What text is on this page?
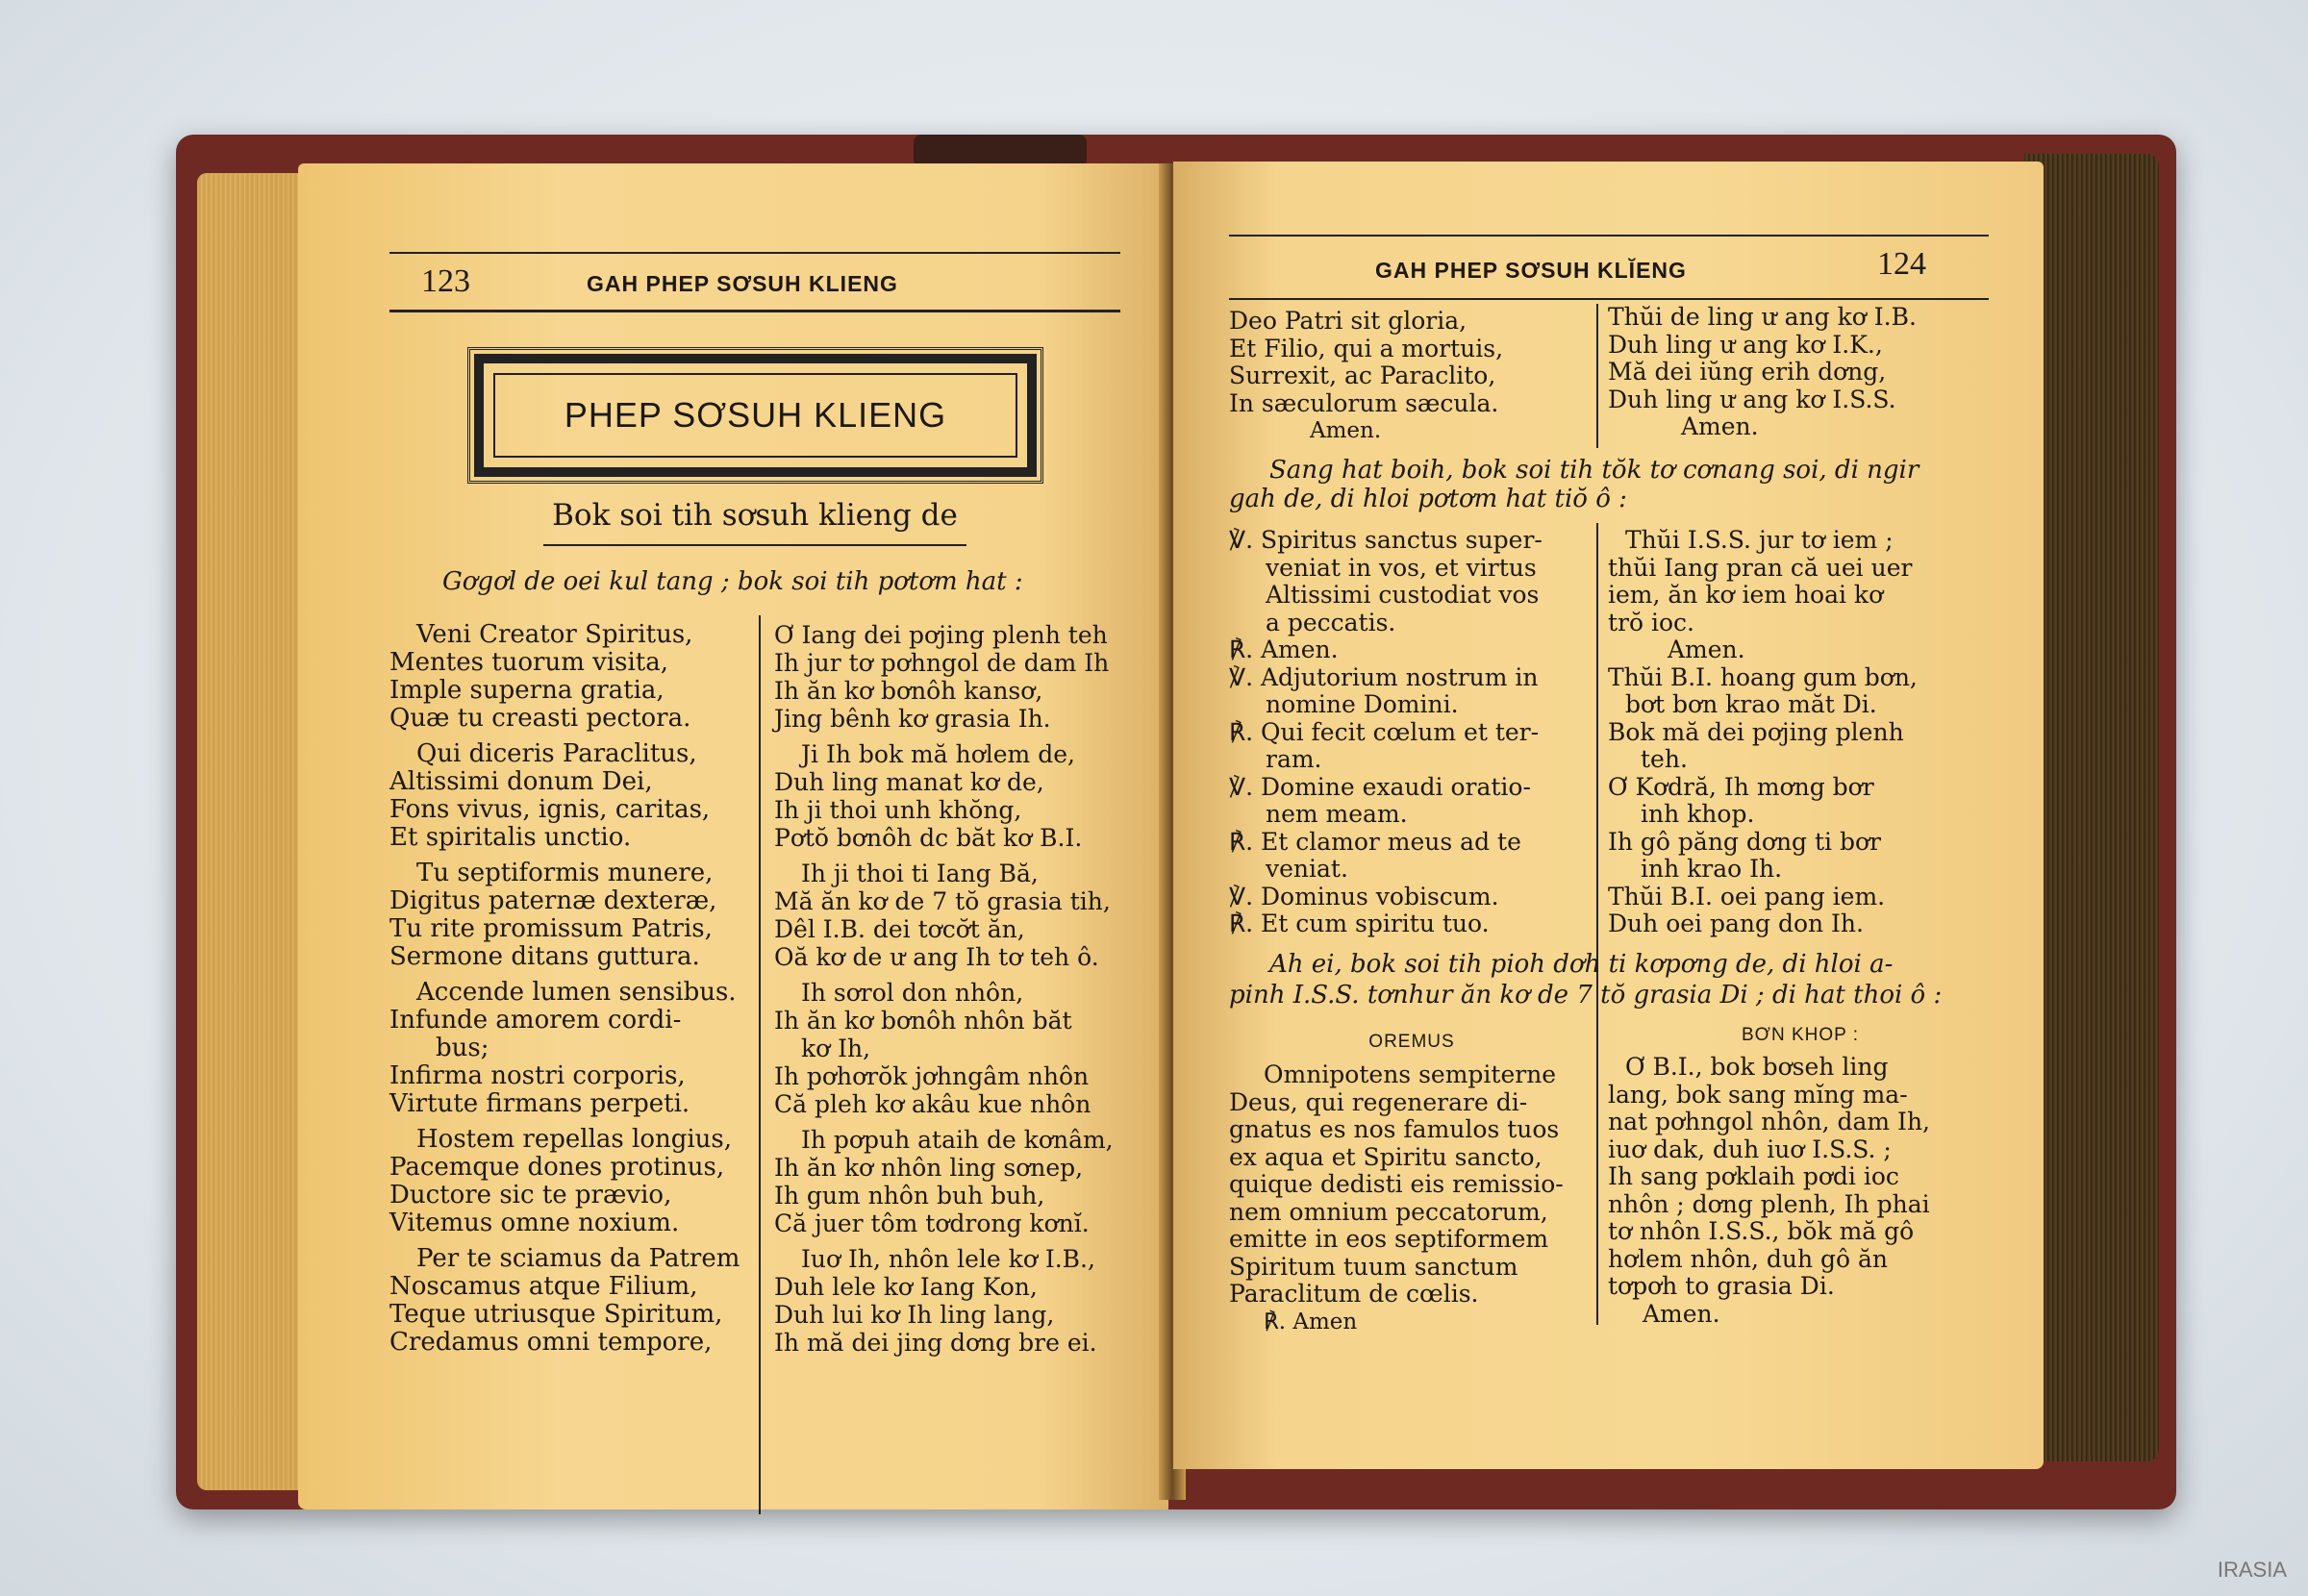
123	GAH PHEP SƠSUH KLIENG
PHEP SƠSUH KLIENG
Bok soi tih sơsuh klieng de
Gơgơl de oei kul tang ; bok soi tih pơtơm hat :
Veni Creator Spiritus,
Mentes tuorum visita,
Imple superna gratia,
Quæ tu creasti pectora.
Qui diceris Paraclitus,
Altissimi donum Dei,
Fons vivus, ignis, caritas,
Et spiritalis unctio.
Tu septiformis munere,
Digitus paternæ dexteræ,
Tu rite promissum Patris,
Sermone ditans guttura.
Accende lumen sensibus.
Infunde amorem cordi-
bus;
Infirma nostri corporis,
Virtute firmans perpeti.
Hostem repellas longius,
Pacemque dones protinus,
Ductore sic te prævio,
Vitemus omne noxium.
Per te sciamus da Patrem
Noscamus atque Filium,
Teque utriusque Spiritum,
Credamus omni tempore,
Ơ Iang dei pơjing plenh teh
Ih jur tơ pơhngol de dam Ih
Ih ăn kơ bơnôh kansơ,
Jing bênh kơ grasia Ih.
Ji Ih bok mă hơlem de,
Duh ling manat kơ de,
Ih ji thoi unh khŏng,
Pơtŏ bơnôh dc băt kơ B.I.
Ih ji thoi ti Iang Bă,
Mă ăn kơ de 7 tŏ grasia tih,
Dêl I.B. dei tơcơ̆t ăn,
Oă kơ de ư ang Ih tơ teh ô.
Ih sơrol don nhôn,
Ih ăn kơ bơnôh nhôn băt
kơ Ih,
Ih pơhơrŏk jơhngâm nhôn
Că pleh kơ akâu kue nhôn
Ih pơpuh ataih de kơnâm,
Ih ăn kơ nhôn ling sơnep,
Ih gum nhôn buh buh,
Că juer tôm tơdrong kơnĭ.
Iuơ Ih, nhôn lele kơ I.B.,
Duh lele kơ Iang Kon,
Duh lui kơ Ih ling lang,
Ih mă dei jing dơng bre ei.
GAH PHEP SƠSUH KLĬENG	124
Deo Patri sit gloria,
Et Filio, qui a mortuis,
Surrexit, ac Paraclito,
In sæculorum sæcula.
Amen.
Thŭi de ling ư ang kơ I.B.
Duh ling ư ang kơ I.K.,
Mă dei iŭng erih dơng,
Duh ling ư ang kơ I.S.S.
Amen.
Sang hat boih, bok soi tih tŏk tơ cơnang soi, di ngir
gah de, di hloi pơtơm hat tiŏ ô :
℣. Spiritus sanctus super-
veniat in vos, et virtus
Altissimi custodiat vos
a peccatis.
℟. Amen.
℣. Adjutorium nostrum in
nomine Domini.
℟. Qui fecit cœlum et ter-
ram.
℣. Domine exaudi oratio-
nem meam.
℟. Et clamor meus ad te
veniat.
℣. Dominus vobiscum.
℟. Et cum spiritu tuo.
Thŭi I.S.S. jur tơ iem ;
thŭi Iang pran că uei uer
iem, ăn kơ iem hoai kơ
trŏ ioc.
Amen.
Thŭi B.I. hoang gum bơn,
bơt bơn krao măt Di.
Bok mă dei pơjing plenh
teh.
Ơ Kơdră, Ih mơng bơr
inh khop.
Ih gô păng dơng ti bơr
inh krao Ih.
Thŭi B.I. oei pang iem.
Duh oei pang don Ih.
Ah ei, bok soi tih pioh dơh ti kơpơng de, di hloi a-
pinh I.S.S. tơnhur ăn kơ de 7 tŏ grasia Di ; di hat thoi ô :
OREMUS	BƠN KHOP :
Omnipotens sempiterne
Deus, qui regenerare di-
gnatus es nos famulos tuos
ex aqua et Spiritu sancto,
quique dedisti eis remissio-
nem omnium peccatorum,
emitte in eos septiformem
Spiritum tuum sanctum
Paraclitum de cœlis.
℟. Amen
Ơ B.I., bok bơseh ling
lang, bok sang mĭng ma-
nat pơhngol nhôn, dam Ih,
iuơ dak, duh iuơ I.S.S. ;
Ih sang pơklaih pơdi ioc
nhôn ; dơng plenh, Ih phai
tơ nhôn I.S.S., bŏk mă gô
hơlem nhôn, duh gô ăn
tơpơh to grasia Di.
Amen.
IRASIA
